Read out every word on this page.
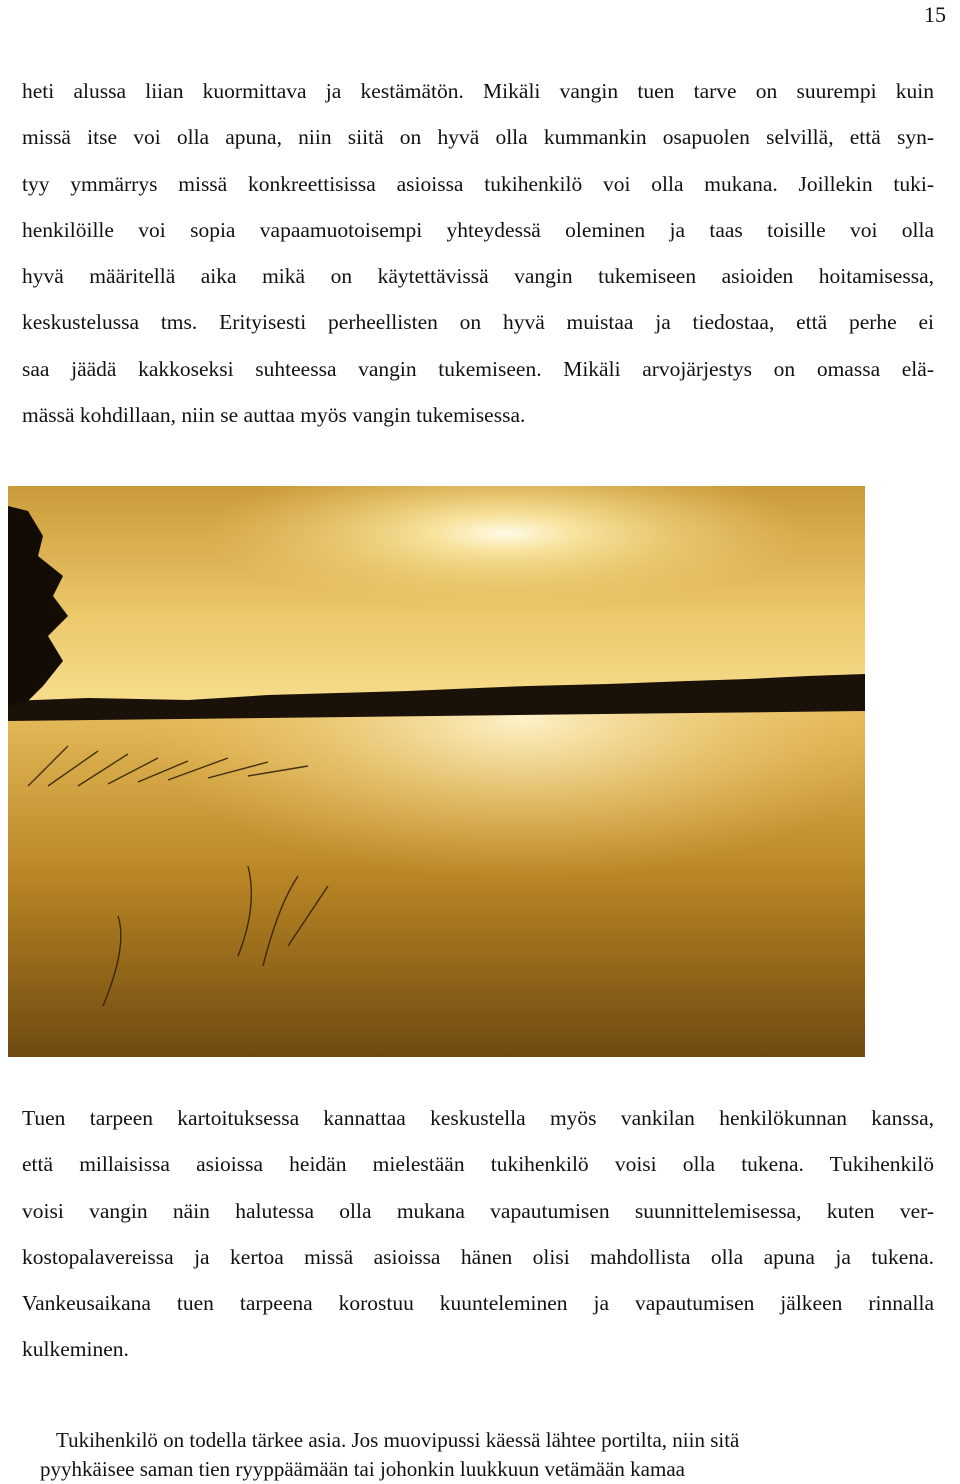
15
heti alussa liian kuormittava ja kestämätön. Mikäli vangin tuen tarve on suurempi kuin
missä itse voi olla apuna, niin siitä on hyvä olla kummankin osapuolen selvillä, että syn-
tyy ymmärrys missä konkreettisissa asioissa tukihenkilö voi olla mukana. Joillekin tuki-
henkilöille voi sopia vapaamuotoisempi yhteydessä oleminen ja taas toisille voi olla
hyvä määritellä aika mikä on käytettävissä vangin tukemiseen asioiden hoitamisessa,
keskustelussa tms. Erityisesti perheellisten on hyvä muistaa ja tiedostaa, että perhe ei
saa jäädä kakkoseksi suhteessa vangin tukemiseen. Mikäli arvojärjestys on omassa elä-
mässä kohdillaan, niin se auttaa myös vangin tukemisessa.
Tuen tarpeen kartoituksessa kannattaa keskustella myös vankilan henkilökunnan kanssa,
että millaisissa asioissa heidän mielestään tukihenkilö voisi olla tukena. Tukihenkilö
voisi vangin näin halutessa olla mukana vapautumisen suunnittelemisessa, kuten ver-
kostopalavereissa ja kertoa missä asioissa hänen olisi mahdollista olla apuna ja tukena.
Vankeusaikana tuen tarpeena korostuu kuunteleminen ja vapautumisen jälkeen rinnalla
kulkeminen.
Tukihenkilö on todella tärkee asia. Jos muovipussi käessä lähtee portilta, niin sitä
pyyhkäisee saman tien ryyppäämään tai johonkin luukkuun vetämään kamaa
